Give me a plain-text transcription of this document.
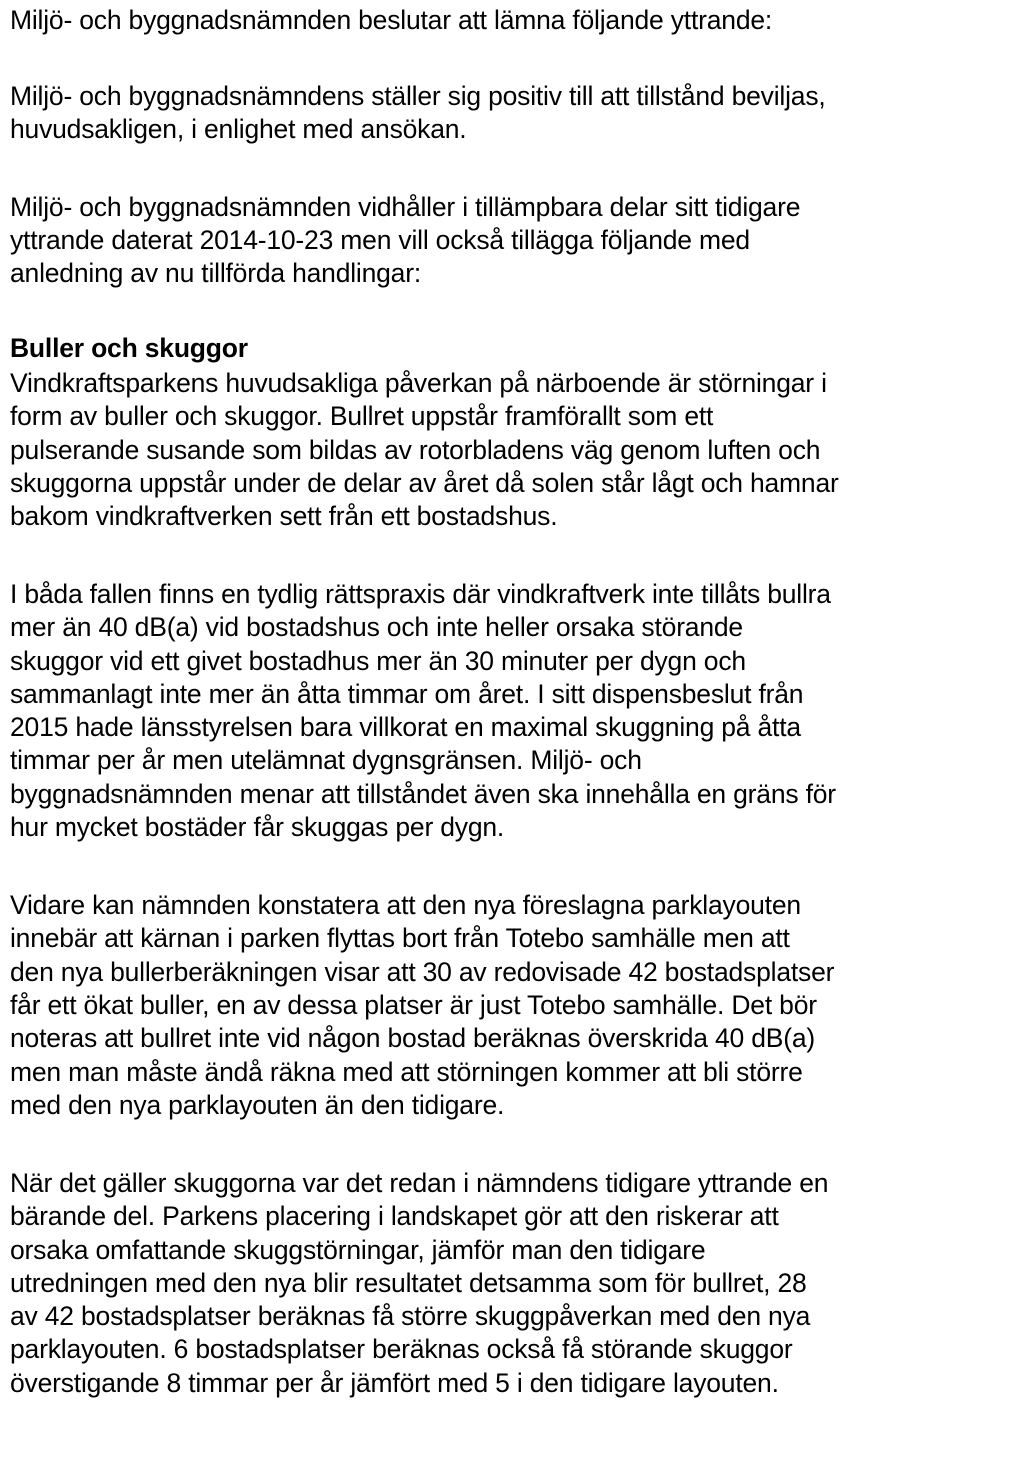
Miljö- och byggnadsnämnden beslutar att lämna följande yttrande:
Miljö- och byggnadsnämndens ställer sig positiv till att tillstånd beviljas,
huvudsakligen, i enlighet med ansökan.
Miljö- och byggnadsnämnden vidhåller i tillämpbara delar sitt tidigare
yttrande daterat 2014-10-23 men vill också tillägga följande med
anledning av nu tillförda handlingar:
Buller och skuggor
Vindkraftsparkens huvudsakliga påverkan på närboende är störningar i
form av buller och skuggor. Bullret uppstår framförallt som ett
pulserande susande som bildas av rotorbladens väg genom luften och
skuggorna uppstår under de delar av året då solen står lågt och hamnar
bakom vindkraftverken sett från ett bostadshus.
I båda fallen finns en tydlig rättspraxis där vindkraftverk inte tillåts bullra
mer än 40 dB(a) vid bostadshus och inte heller orsaka störande
skuggor vid ett givet bostadhus mer än 30 minuter per dygn och
sammanlagt inte mer än åtta timmar om året. I sitt dispensbeslut från
2015 hade länsstyrelsen bara villkorat en maximal skuggning på åtta
timmar per år men utelämnat dygnsgränsen. Miljö- och
byggnadsnämnden menar att tillståndet även ska innehålla en gräns för
hur mycket bostäder får skuggas per dygn.
Vidare kan nämnden konstatera att den nya föreslagna parklayouten
innebär att kärnan i parken flyttas bort från Totebo samhälle men att
den nya bullerberäkningen visar att 30 av redovisade 42 bostadsplatser
får ett ökat buller, en av dessa platser är just Totebo samhälle. Det bör
noteras att bullret inte vid någon bostad beräknas överskrida 40 dB(a)
men man måste ändå räkna med att störningen kommer att bli större
med den nya parklayouten än den tidigare.
När det gäller skuggorna var det redan i nämndens tidigare yttrande en
bärande del. Parkens placering i landskapet gör att den riskerar att
orsaka omfattande skuggstörningar, jämför man den tidigare
utredningen med den nya blir resultatet detsamma som för bullret, 28
av 42 bostadsplatser beräknas få större skuggpåverkan med den nya
parklayouten. 6 bostadsplatser beräknas också få störande skuggor
överstigande 8 timmar per år jämfört med 5 i den tidigare layouten.
